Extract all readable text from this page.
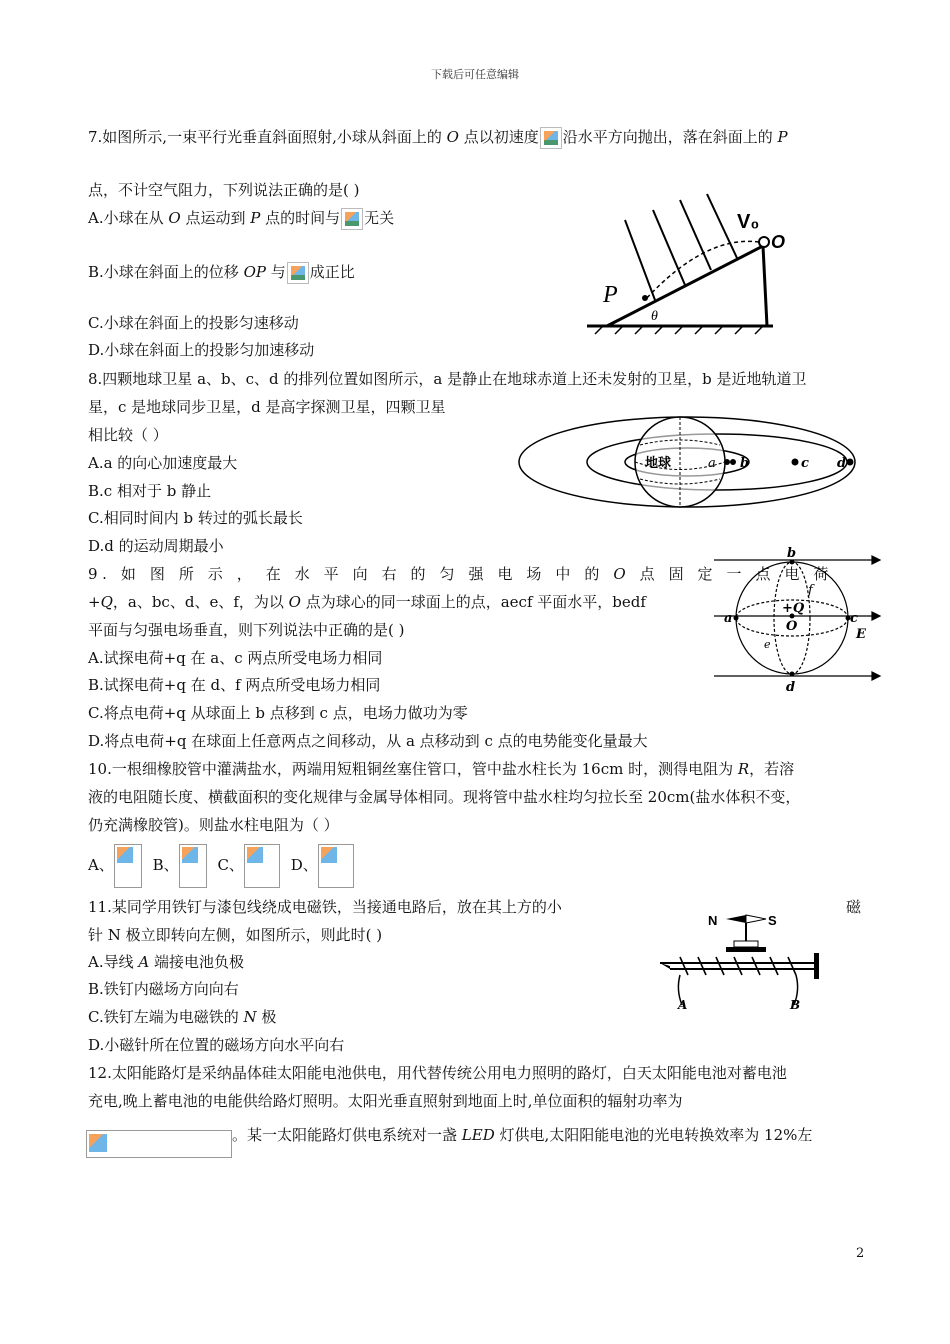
下载后可任意编辑
7.如图所示,一束平行光垂直斜面照射,小球从斜面上的 O 点以初速度 沿水平方向抛出，落在斜面上的 P
点，不计空气阻力，下列说法正确的是( )
A.小球在从 O 点运动到 P 点的时间与 无关
B.小球在斜面上的位移 OP 与 成正比
C.小球在斜面上的投影匀速移动
D.小球在斜面上的投影匀加速移动
V₀
O
P
θ
8.四颗地球卫星 a、b、c、d 的排列位置如图所示，a 是静止在地球赤道上还未发射的卫星，b 是近地轨道卫
星，c 是地球同步卫星，d 是高字探测卫星，四颗卫星
相比较（ ）
A.a 的向心加速度最大
B.c 相对于 b 静止
C.相同时间内 b 转过的弧长最长
D.d 的运动周期最小
地球	a b	c d
9. 如 图 所 示 ， 在 水 平 向 右 的 匀 强 电 场 中 的 O 点 固 定 一 点 电 荷
+Q，a、bc、d、e、f，为以 O 点为球心的同一球面上的点，aecf 平面水平，bedf
平面与匀强电场垂直，则下列说法中正确的是( )
A.试探电荷+q 在 a、c 两点所受电场力相同
B.试探电荷+q 在 d、f 两点所受电场力相同
C.将点电荷+q 从球面上 b 点移到 c 点，电场力做功为零
D.将点电荷+q 在球面上任意两点之间移动，从 a 点移动到 c 点的电势能变化量最大
b
f
a
+Q
O
c
e
d
E
10.一根细橡胶管中灌满盐水，两端用短粗铜丝塞住管口，管中盐水柱长为 16cm 时，测得电阻为 R，若溶
液的电阻随长度、横截面积的变化规律与金属导体相同。现将管中盐水柱均匀拉长至 20cm(盐水体积不变，
仍充满橡胶管)。则盐水柱电阻为（ ）
A、	B、	C、	D、
11.某同学用铁钉与漆包线绕成电磁铁，当接通电路后，放在其上方的小	磁
针 N 极立即转向左侧，如图所示，则此时( )
A.导线 A 端接电池负极
B.铁钉内磁场方向向右
C.铁钉左端为电磁铁的 N 极
D.小磁针所在位置的磁场方向水平向右
N	S
A	B
12.太阳能路灯是采纳晶体硅太阳能电池供电，用代替传统公用电力照明的路灯，白天太阳能电池对蓄电池
充电,晚上蓄电池的电能供给路灯照明。太阳光垂直照射到地面上时,单位面积的辐射功率为
。某一太阳能路灯供电系统对一盏 LED 灯供电,太阳阳能电池的光电转换效率为 12%左
2
